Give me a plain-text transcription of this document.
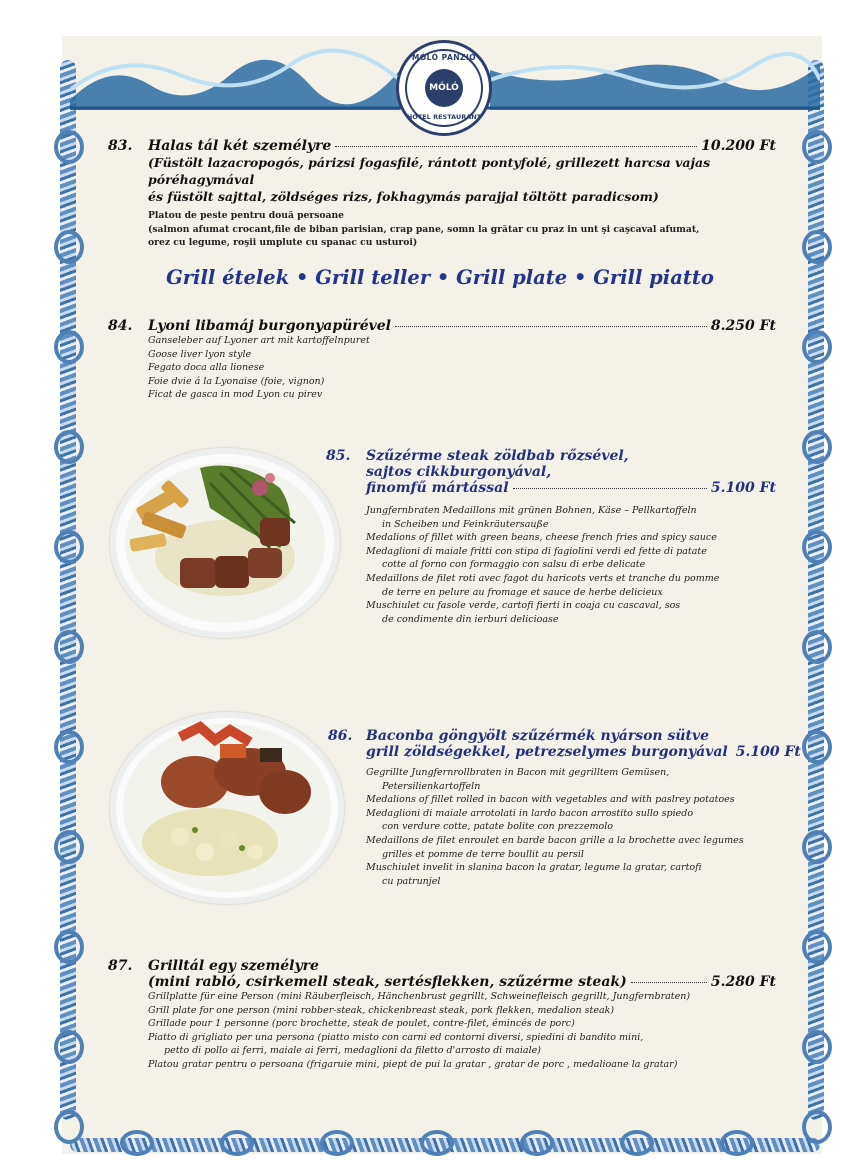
MÓLÓ PANZIÓ
MÓLÓ
HOTEL RESTAURANT
83. Halas tál két személyre	10.200 Ft
(Füstölt lazacropogós, párizsi fogasfilé, rántott pontyfolé, grillezett harcsa vajas póréhagymával
és füstölt sajttal, zöldséges rizs, fokhagymás parajjal töltött paradicsom)
Platou de peste pentru două persoane
(salmon afumat crocant,file de biban parisian, crap pane, somn la grătar cu praz in unt şi caşcaval afumat,
orez cu legume, roşii umplute cu spanac cu usturoi)
Grill ételek • Grill teller • Grill plate • Grill piatto
84. Lyoni libamáj burgonyapürével	8.250 Ft
Ganseleber auf Lyoner art mit kartoffelnpuret
Goose liver lyon style
Fegato doca alla lionese
Foie dvie á la Lyonaise (foie, vignon)
Ficat de gasca in mod Lyon cu pirev
85. Szűzérme steak zöldbab rőzsével,
sajtos cikkburgonyával,
finomfű mártással	5.100 Ft
Jungfernbraten Medaillons mit grünen Bohnen, Käse – Pellkartoffeln
in Scheiben und Feinkräutersauße
Medalions of fillet with green beans, cheese french fries and spicy sauce
Medaglioni di maiale fritti con stipa di fagiolini verdi ed fette di patate
cotte al forno con formaggio con salsu di erbe delicate
Medaillons de filet roti avec fagot du haricots verts et tranche du pomme
de terre en pelure au fromage et sauce de herbe delicieux
Muschiulet cu fasole verde, cartofi fierti in coaja cu cascaval, sos
de condimente din ierburi delicioase
86. Baconba göngyölt szűzérmék nyárson sütve
grill zöldségekkel, petrezselymes burgonyával 5.100 Ft
Gegrillte Jungfernrollbraten in Bacon mit gegrilltem Gemüsen,
Petersilienkartoffeln
Medalions of fillet rolled in bacon with vegetables and with paslrey potatoes
Medaglioni di maiale arrotolati in lardo bacon arrostito sullo spiedo
con verdure cotte, patate bolite con prezzemolo
Medaillons de filet enroulet en barde bacon grille a la brochette avec legumes
grilles et pomme de terre boullit au persil
Muschiulet invelit in slanina bacon la gratar, legume la gratar, cartofi
cu patrunjel
87. Grilltál egy személyre
(mini rabló, csirkemell steak, sertésflekken, szűzérme steak)	5.280 Ft
Grillplatte für eine Person (mini Räuberfleisch, Hänchenbrust gegrillt, Schweinefleisch gegrillt, Jungfernbraten)
Grill plate for one person (mini robber-steak, chickenbreast steak, pork flekken, medalion steak)
Grillade pour 1 personne (porc brochette, steak de poulet, contre-filet, émincés de porc)
Piatto di grigliato per una persona (piatto misto con carni ed contorni diversi, spiedini di bandito mini,
petto di pollo ai ferri, maiale ai ferri, medaglioni da filetto d'arrosto di maiale)
Platou gratar pentru o persoana (frigaruie mini, piept de pui la gratar , gratar de porc , medalioane la gratar)
